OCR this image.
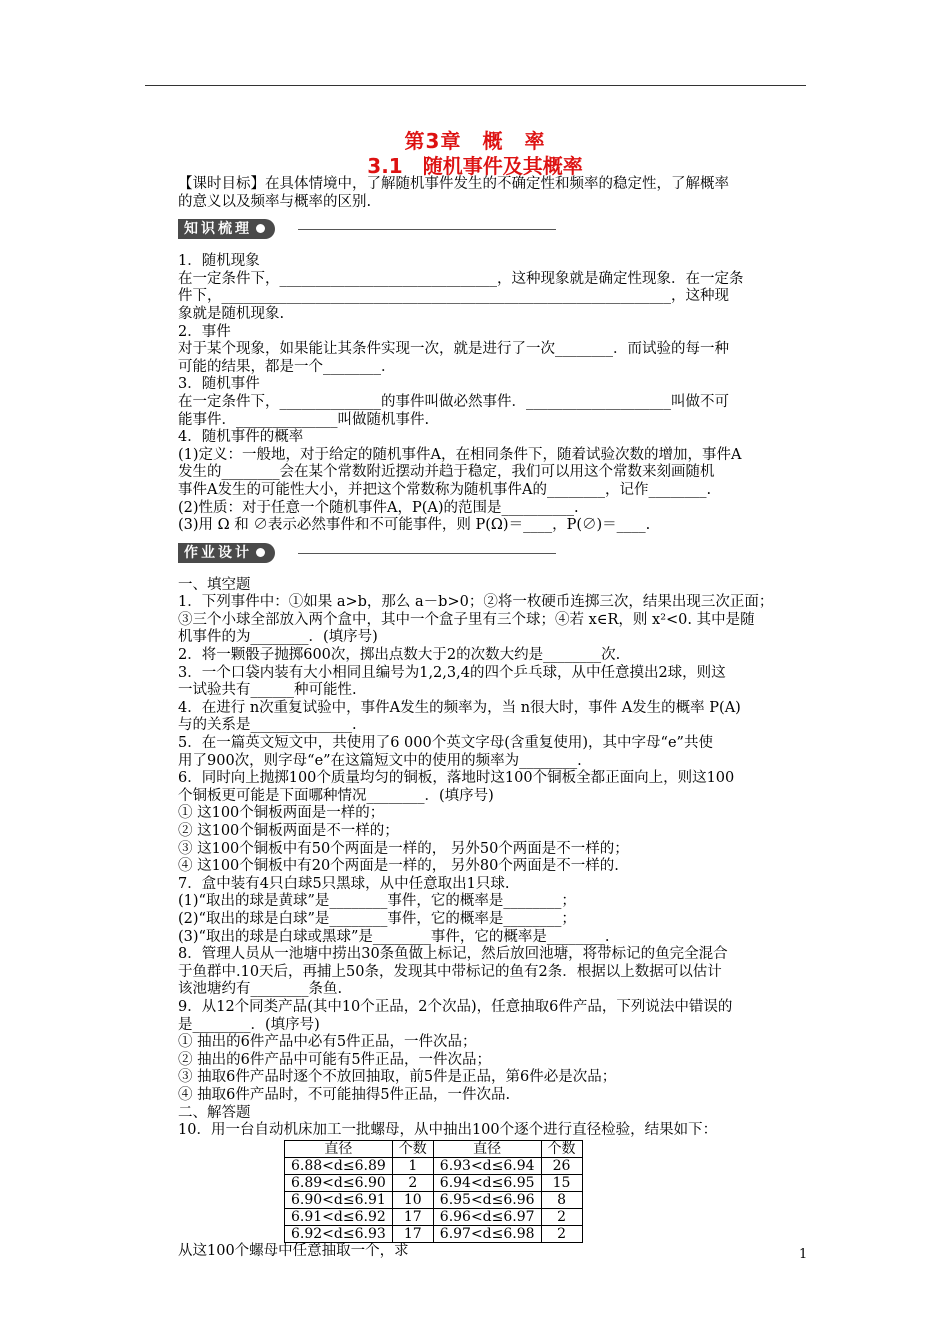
第3章　概　率
3.1　随机事件及其概率

【课时目标】在具体情境中，了解随机事件发生的不确定性和频率的稳定性，了解概率

的意义以及频率与概率的区别.

知识梳理

1．随机现象

在一定条件下，______________________________，这种现象就是确定性现象．在一定条

件下，______________________________________________________________，这种现

象就是随机现象.

2．事件

对于某个现象，如果能让其条件实现一次，就是进行了一次________．而试验的每一种

可能的结果，都是一个________．

3．随机事件

在一定条件下，______________的事件叫做必然事件．____________________叫做不可

能事件．______________叫做随机事件.

4．随机事件的概率

(1)定义：一般地，对于给定的随机事件A，在相同条件下，随着试验次数的增加，事件A

发生的________会在某个常数附近摆动并趋于稳定，我们可以用这个常数来刻画随机

事件A发生的可能性大小，并把这个常数称为随机事件A的________，记作________.

(2)性质：对于任意一个随机事件A，P(A)的范围是__________.

(3)用 Ω 和 ∅表示必然事件和不可能事件，则 P(Ω)＝____，P(∅)＝____.

作业设计

一、填空题

1．下列事件中：①如果 a>b，那么 a－b>0；②将一枚硬币连掷三次，结果出现三次正面；

③三个小球全部放入两个盒中，其中一个盒子里有三个球；④若 x∈R，则 x²<0. 其中是随

机事件的为________．(填序号)

2．将一颗骰子抛掷600次，掷出点数大于2的次数大约是________次.

3．一个口袋内装有大小相同且编号为1,2,3,4的四个乒乓球，从中任意摸出2球，则这

一试验共有______种可能性.

4．在进行 n次重复试验中，事件A发生的频率为，当 n很大时，事件 A发生的概率 P(A)

与的关系是______________.

5．在一篇英文短文中，共使用了6 000个英文字母(含重复使用)，其中字母“e”共使

用了900次，则字母“e”在这篇短文中的使用的频率为________.

6．同时向上抛掷100个质量均匀的铜板，落地时这100个铜板全都正面向上，则这100

个铜板更可能是下面哪种情况________．(填序号)

① 这100个铜板两面是一样的；

② 这100个铜板两面是不一样的；

③ 这100个铜板中有50个两面是一样的， 另外50个两面是不一样的；

④ 这100个铜板中有20个两面是一样的， 另外80个两面是不一样的.

7．盒中装有4只白球5只黑球，从中任意取出1只球.

(1)“取出的球是黄球”是________事件，它的概率是________；

(2)“取出的球是白球”是________事件，它的概率是________；

(3)“取出的球是白球或黑球”是________事件，它的概率是________.

8．管理人员从一池塘中捞出30条鱼做上标记，然后放回池塘，将带标记的鱼完全混合

于鱼群中.10天后，再捕上50条，发现其中带标记的鱼有2条．根据以上数据可以估计

该池塘约有________条鱼.

9．从12个同类产品(其中10个正品，2个次品)，任意抽取6件产品，下列说法中错误的

是________．(填序号)

① 抽出的6件产品中必有5件正品，一件次品；

② 抽出的6件产品中可能有5件正品，一件次品；

③ 抽取6件产品时逐个不放回抽取，前5件是正品，第6件必是次品；

④ 抽取6件产品时，不可能抽得5件正品，一件次品.

二、解答题

10．用一台自动机床加工一批螺母，从中抽出100个逐个进行直径检验，结果如下：

直径	个数	直径	个数
6.88<d≤6.89	1	6.93<d≤6.94	26
6.89<d≤6.90	2	6.94<d≤6.95	15
6.90<d≤6.91	10	6.95<d≤6.96	8
6.91<d≤6.92	17	6.96<d≤6.97	2
6.92<d≤6.93	17	6.97<d≤6.98	2

从这100个螺母中任意抽取一个，求	1
